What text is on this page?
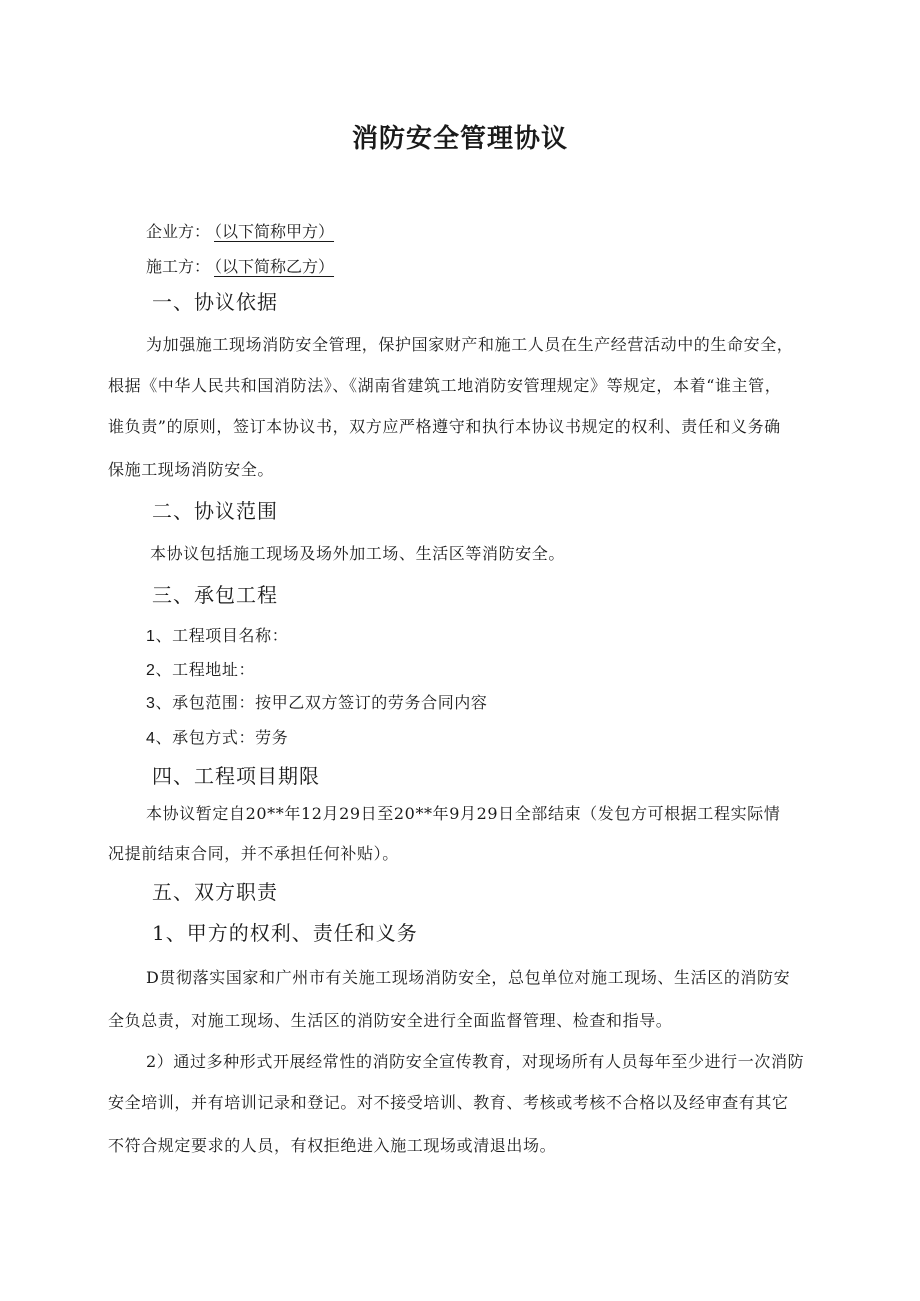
消防安全管理协议
企业方： （以下简称甲方）
施工方： （以下简称乙方）
一、协议依据
为加强施工现场消防安全管理，保护国家财产和施工人员在生产经营活动中的生命安全，
根据《中华人民共和国消防法》、《湖南省建筑工地消防安管理规定》等规定，本着“谁主管，
谁负责”的原则，签订本协议书，双方应严格遵守和执行本协议书规定的权利、责任和义务确
保施工现场消防安全。
二、协议范围
本协议包括施工现场及场外加工场、生活区等消防安全。
三、承包工程
1、工程项目名称：
2、工程地址：
3、承包范围：按甲乙双方签订的劳务合同内容
4、承包方式：劳务
四、工程项目期限
本协议暂定自20**年12月29日至20**年9月29日全部结束（发包方可根据工程实际情
况提前结束合同，并不承担任何补贴）。
五、双方职责
1、甲方的权利、责任和义务
D贯彻落实国家和广州市有关施工现场消防安全，总包单位对施工现场、生活区的消防安
全负总责，对施工现场、生活区的消防安全进行全面监督管理、检查和指导。
2）通过多种形式开展经常性的消防安全宣传教育，对现场所有人员每年至少进行一次消防
安全培训，并有培训记录和登记。对不接受培训、教育、考核或考核不合格以及经审查有其它
不符合规定要求的人员，有权拒绝进入施工现场或清退出场。
